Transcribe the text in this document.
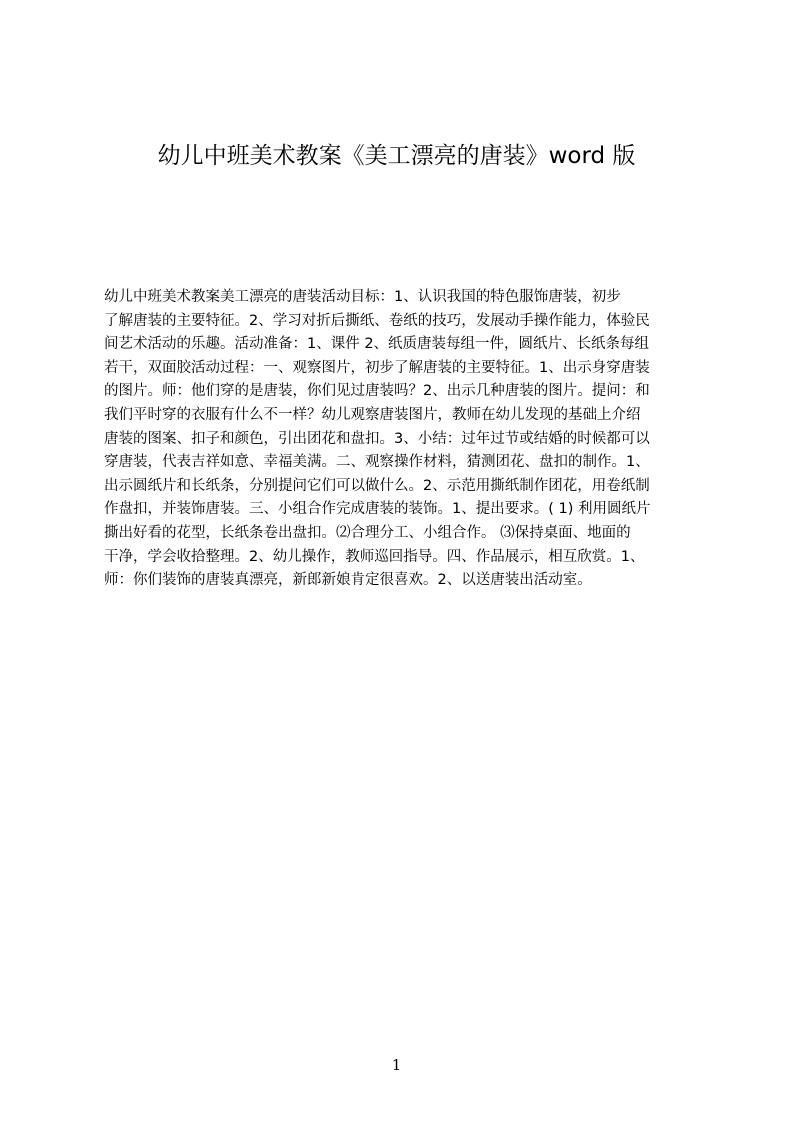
幼儿中班美术教案《美工漂亮的唐装》word 版
幼儿中班美术教案美工漂亮的唐装活动目标：1、认识我国的特色服饰唐装，初步
了解唐装的主要特征。2、学习对折后撕纸、卷纸的技巧，发展动手操作能力，体验民
间艺术活动的乐趣。活动准备：1、课件 2、纸质唐装每组一件，圆纸片、长纸条每组
若干，双面胶活动过程：一、观察图片，初步了解唐装的主要特征。1、出示身穿唐装
的图片。师：他们穿的是唐装，你们见过唐装吗？2、出示几种唐装的图片。提问：和
我们平时穿的衣服有什么不一样？幼儿观察唐装图片，教师在幼儿发现的基础上介绍
唐装的图案、扣子和颜色，引出团花和盘扣。3、小结：过年过节或结婚的时候都可以
穿唐装，代表吉祥如意、幸福美满。二、观察操作材料，猜测团花、盘扣的制作。1、
出示圆纸片和长纸条，分别提问它们可以做什么。2、示范用撕纸制作团花，用卷纸制
作盘扣，并装饰唐装。三、小组合作完成唐装的装饰。1、提出要求。( 1) 利用圆纸片
撕出好看的花型，长纸条卷出盘扣。⑵合理分工、小组合作。 ⑶保持桌面、地面的
干净，学会收拾整理。2、幼儿操作，教师巡回指导。四、作品展示，相互欣赏。1、
师：你们装饰的唐装真漂亮，新郎新娘肯定很喜欢。2、以送唐装出活动室。
1
